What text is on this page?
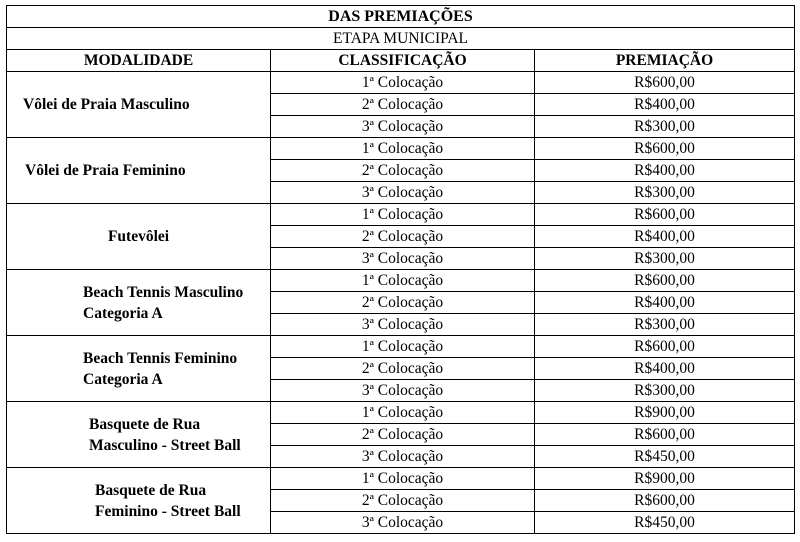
DAS PREMIAÇÕES		
ETAPA MUNICIPAL		
MODALIDADE	CLASSIFICAÇÃO	PREMIAÇÃO

Vôlei de Praia Masculino	1ª Colocação	R$600,00
	2ª Colocação	R$400,00
	3ª Colocação	R$300,00

Vôlei de Praia Feminino	1ª Colocação	R$600,00
	2ª Colocação	R$400,00
	3ª Colocação	R$300,00

Futevôlei	1ª Colocação	R$600,00
	2ª Colocação	R$400,00
	3ª Colocação	R$300,00

Beach Tennis Masculino
Categoria A	1ª Colocação	R$600,00
	2ª Colocação	R$400,00
	3ª Colocação	R$300,00

Beach Tennis Feminino
Categoria A	1ª Colocação	R$600,00
	2ª Colocação	R$400,00
	3ª Colocação	R$300,00

Basquete de Rua
Masculino - Street Ball	1ª Colocação	R$900,00
	2ª Colocação	R$600,00
	3ª Colocação	R$450,00

Basquete de Rua
Feminino - Street Ball	1ª Colocação	R$900,00
	2ª Colocação	R$600,00
	3ª Colocação	R$450,00
